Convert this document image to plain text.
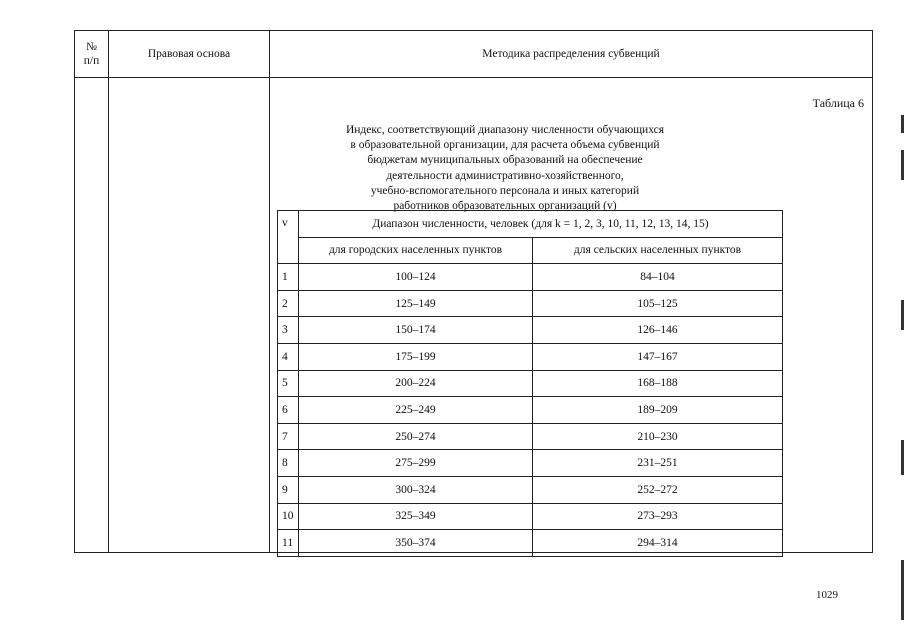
№
п/п
Правовая основа	Методика распределения субвенций
Таблица 6
Индекс, соответствующий диапазону численности обучающихся
в образовательной организации, для расчета объема субвенций
бюджетам муниципальных образований на обеспечение
деятельности административно-хозяйственного,
учебно-вспомогательного персонала и иных категорий
работников образовательных организаций (v)
v	Диапазон численности, человек (для k = 1, 2, 3, 10, 11, 12, 13, 14, 15)	
	для городских населенных пунктов	для сельских населенных пунктов
1	100–124	84–104
2	125–149	105–125
3	150–174	126–146
4	175–199	147–167
5	200–224	168–188
6	225–249	189–209
7	250–274	210–230
8	275–299	231–251
9	300–324	252–272
10	325–349	273–293
11	350–374	294–314
1029
